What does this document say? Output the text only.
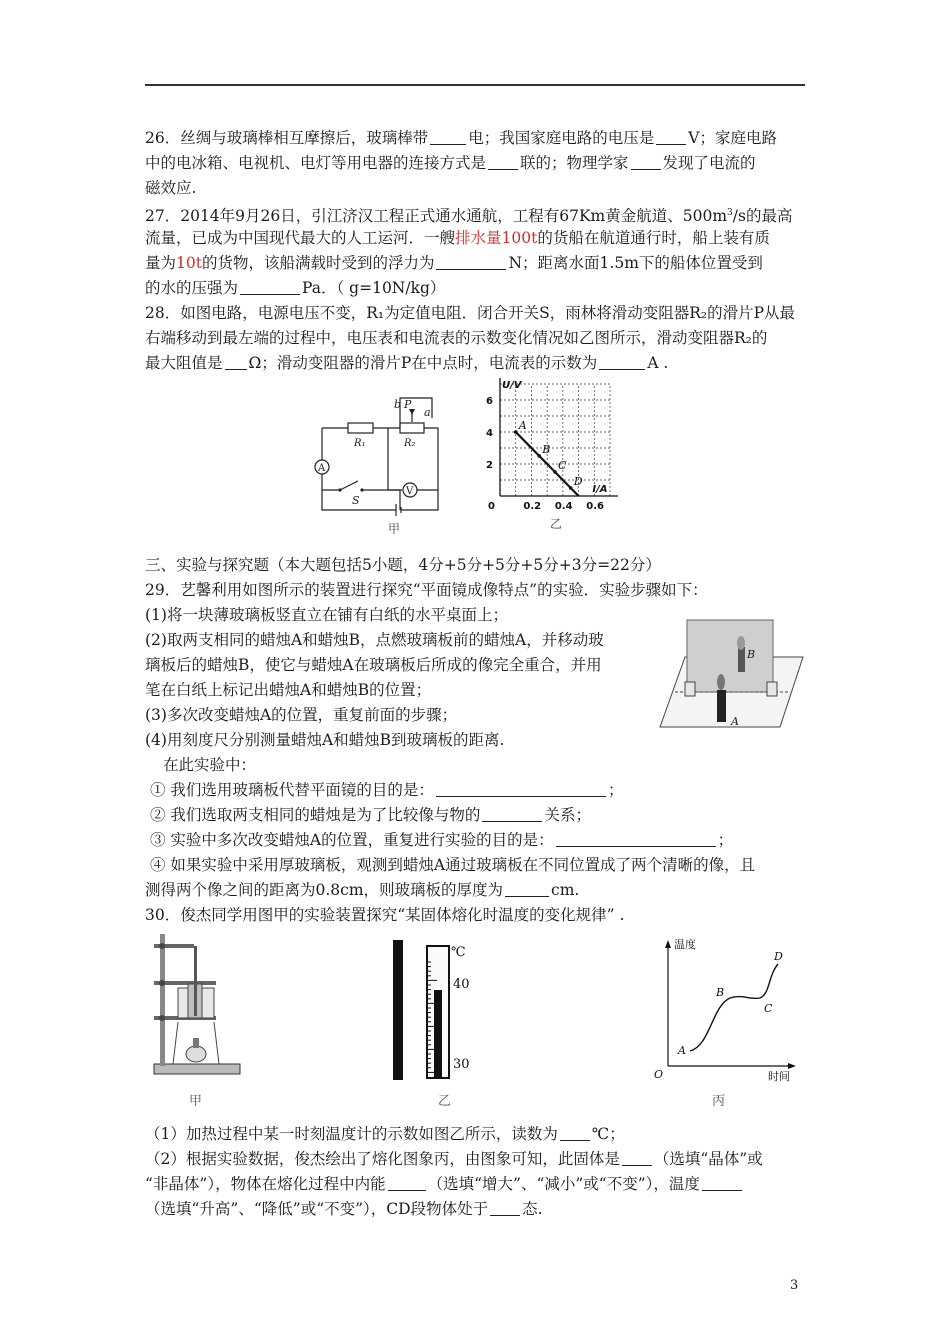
26．丝绸与玻璃棒相互摩擦后，玻璃棒带	电；我国家庭电路的电压是 V；家庭电路
中的电冰箱、电视机、电灯等用电器的连接方式是 联的；物理学家 发现了电流的
磁效应.
27．2014年9月26日，引江济汉工程正式通水通航，工程有67Km黄金航道、$500m^3/s$的最高
流量，已成为中国现代最大的人工运河．一艘排水量100t的货船在航道通行时，船上装有质
量为10t的货物，该船满载时受到的浮力为	N；距离水面1.5m下的船体位置受到
的水的压强为	Pa．（ g=10N/kg）
28．如图电路，电源电压不变，R₁为定值电阻．闭合开关S，雨林将滑动变阻器R₂的滑片P从最
右端移动到最左端的过程中，电压表和电流表的示数变化情况如乙图所示，滑动变阻器R₂的
最大阻值是 Ω；滑动变阻器的滑片P在中点时，电流表的示数为	A .
b P
a
R₁	R₂
A
V
S
甲
A
B
C
D
0.2 0.4 0.6
2
4
6
0
U/V
I/A
乙
三、实验与探究题（本大题包括5小题，4分+5分+5分+5分+3分=22分）
29．艺馨利用如图所示的装置进行探究“平面镜成像特点”的实验．实验步骤如下：
(1)将一块薄玻璃板竖直立在铺有白纸的水平桌面上；
(2)取两支相同的蜡烛A和蜡烛B，点燃玻璃板前的蜡烛A，并移动玻
璃板后的蜡烛B，使它与蜡烛A在玻璃板后所成的像完全重合，并用
笔在白纸上标记出蜡烛A和蜡烛B的位置；
(3)多次改变蜡烛A的位置，重复前面的步骤；
(4)用刻度尺分别测量蜡烛A和蜡烛B到玻璃板的距离.
在此实验中：
① 我们选用玻璃板代替平面镜的目的是：	；
② 我们选取两支相同的蜡烛是为了比较像与物的	关系；
③ 实验中多次改变蜡烛A的位置，重复进行实验的目的是：	；
④ 如果实验中采用厚玻璃板，观测到蜡烛A通过玻璃板在不同位置成了两个清晰的像，且
测得两个像之间的距离为0.8cm，则玻璃板的厚度为	cm.
B
A
30．俊杰同学用图甲的实验装置探究“某固体熔化时温度的变化规律” .
甲
℃
40
30
乙
温度
时间
O
A
B
C
D
丙
（1）加热过程中某一时刻温度计的示数如图乙所示，读数为 ℃；
（2）根据实验数据，俊杰绘出了熔化图象丙，由图象可知，此固体是 （选填“晶体”或
“非晶体”），物体在熔化过程中内能	（选填“增大”、“减小”或“不变”），温度
（选填“升高”、“降低”或“不变”），CD段物体处于 态.
3
